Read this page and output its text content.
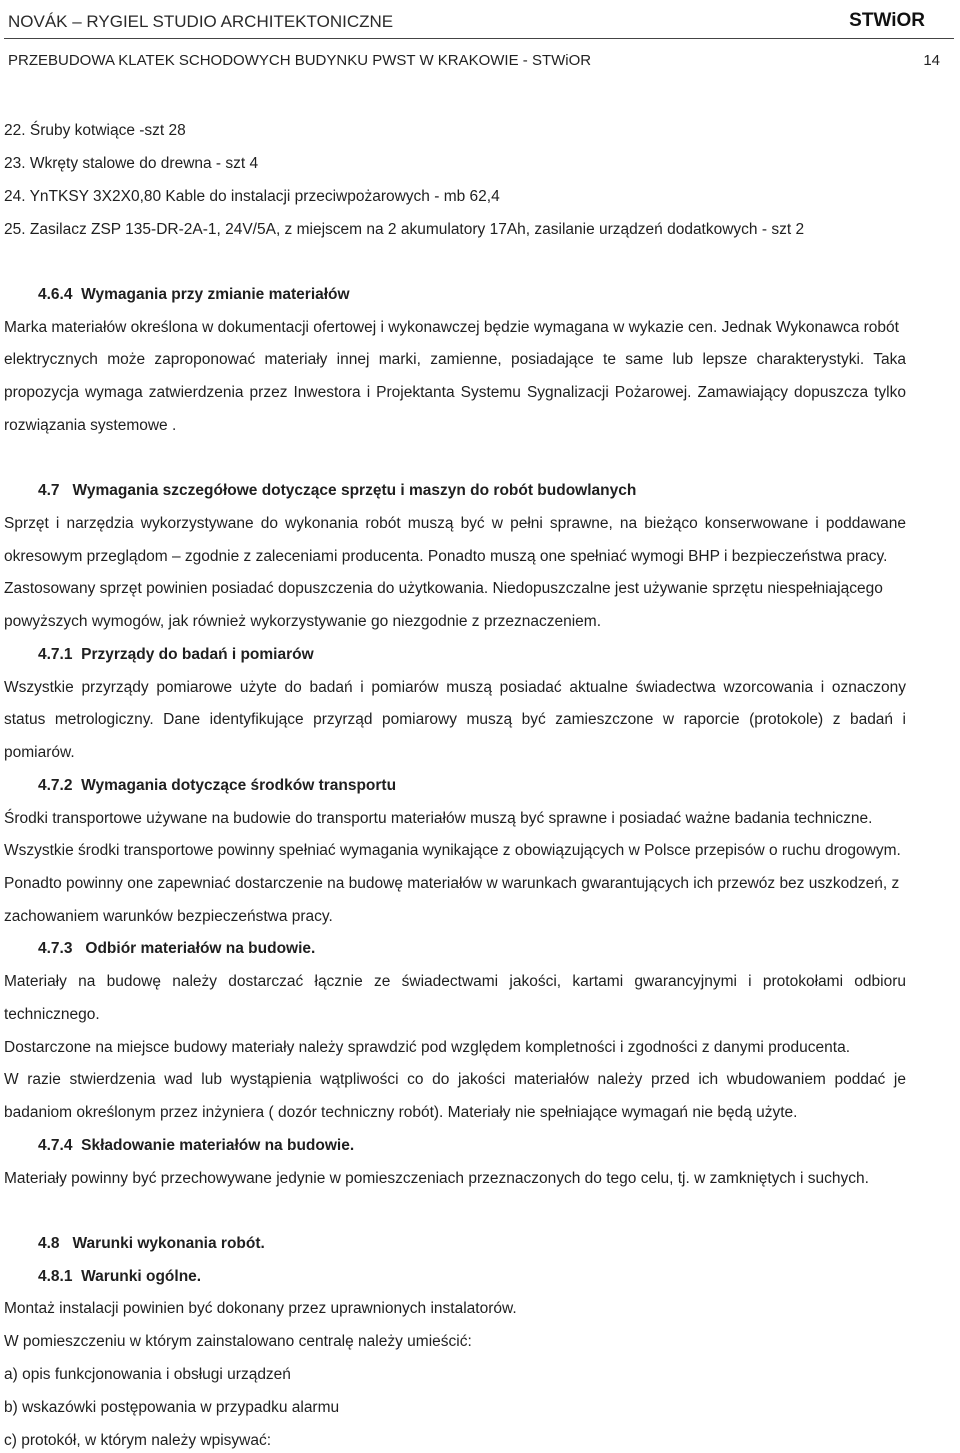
NOVÁK – RYGIEL STUDIO ARCHITEKTONICZNE	STWiOR
PRZEBUDOWA KLATEK SCHODOWYCH BUDYNKU PWST W KRAKOWIE - STWiOR	14
22. Śruby kotwiące -szt 28
23. Wkręty stalowe do drewna - szt 4
24. YnTKSY 3X2X0,80 Kable do instalacji przeciwpożarowych - mb 62,4
25. Zasilacz ZSP 135-DR-2A-1, 24V/5A, z miejscem na 2 akumulatory 17Ah, zasilanie urządzeń dodatkowych - szt 2
4.6.4 Wymagania przy zmianie materiałów
Marka materiałów określona w dokumentacji ofertowej i wykonawczej będzie wymagana w wykazie cen. Jednak Wykonawca robót
elektrycznych może zaproponować materiały innej marki, zamienne, posiadające te same lub lepsze charakterystyki. Taka
propozycja wymaga zatwierdzenia przez Inwestora i Projektanta Systemu Sygnalizacji Pożarowej. Zamawiający dopuszcza tylko
rozwiązania systemowe .
4.7 Wymagania szczegółowe dotyczące sprzętu i maszyn do robót budowlanych
Sprzęt i narzędzia wykorzystywane do wykonania robót muszą być w pełni sprawne, na bieżąco konserwowane i poddawane
okresowym przeglądom – zgodnie z zaleceniami producenta. Ponadto muszą one spełniać wymogi BHP i bezpieczeństwa pracy.
Zastosowany sprzęt powinien posiadać dopuszczenia do użytkowania. Niedopuszczalne jest używanie sprzętu niespełniającego
powyższych wymogów, jak również wykorzystywanie go niezgodnie z przeznaczeniem.
4.7.1 Przyrządy do badań i pomiarów
Wszystkie przyrządy pomiarowe użyte do badań i pomiarów muszą posiadać aktualne świadectwa wzorcowania i oznaczony
status metrologiczny. Dane identyfikujące przyrząd pomiarowy muszą być zamieszczone w raporcie (protokole) z badań i
pomiarów.
4.7.2 Wymagania dotyczące środków transportu
Środki transportowe używane na budowie do transportu materiałów muszą być sprawne i posiadać ważne badania techniczne.
Wszystkie środki transportowe powinny spełniać wymagania wynikające z obowiązujących w Polsce przepisów o ruchu drogowym.
Ponadto powinny one zapewniać dostarczenie na budowę materiałów w warunkach gwarantujących ich przewóz bez uszkodzeń, z
zachowaniem warunków bezpieczeństwa pracy.
4.7.3 Odbiór materiałów na budowie.
Materiały na budowę należy dostarczać łącznie ze świadectwami jakości, kartami gwarancyjnymi i protokołami odbioru
technicznego.
Dostarczone na miejsce budowy materiały należy sprawdzić pod względem kompletności i zgodności z danymi producenta.
W razie stwierdzenia wad lub wystąpienia wątpliwości co do jakości materiałów należy przed ich wbudowaniem poddać je
badaniom określonym przez inżyniera ( dozór techniczny robót). Materiały nie spełniające wymagań nie będą użyte.
4.7.4 Składowanie materiałów na budowie.
Materiały powinny być przechowywane jedynie w pomieszczeniach przeznaczonych do tego celu, tj. w zamkniętych i suchych.
4.8 Warunki wykonania robót.
4.8.1 Warunki ogólne.
Montaż instalacji powinien być dokonany przez uprawnionych instalatorów.
W pomieszczeniu w którym zainstalowano centralę należy umieścić:
a) opis funkcjonowania i obsługi urządzeń
b) wskazówki postępowania w przypadku alarmu
c) protokół, w którym należy wpisywać:
